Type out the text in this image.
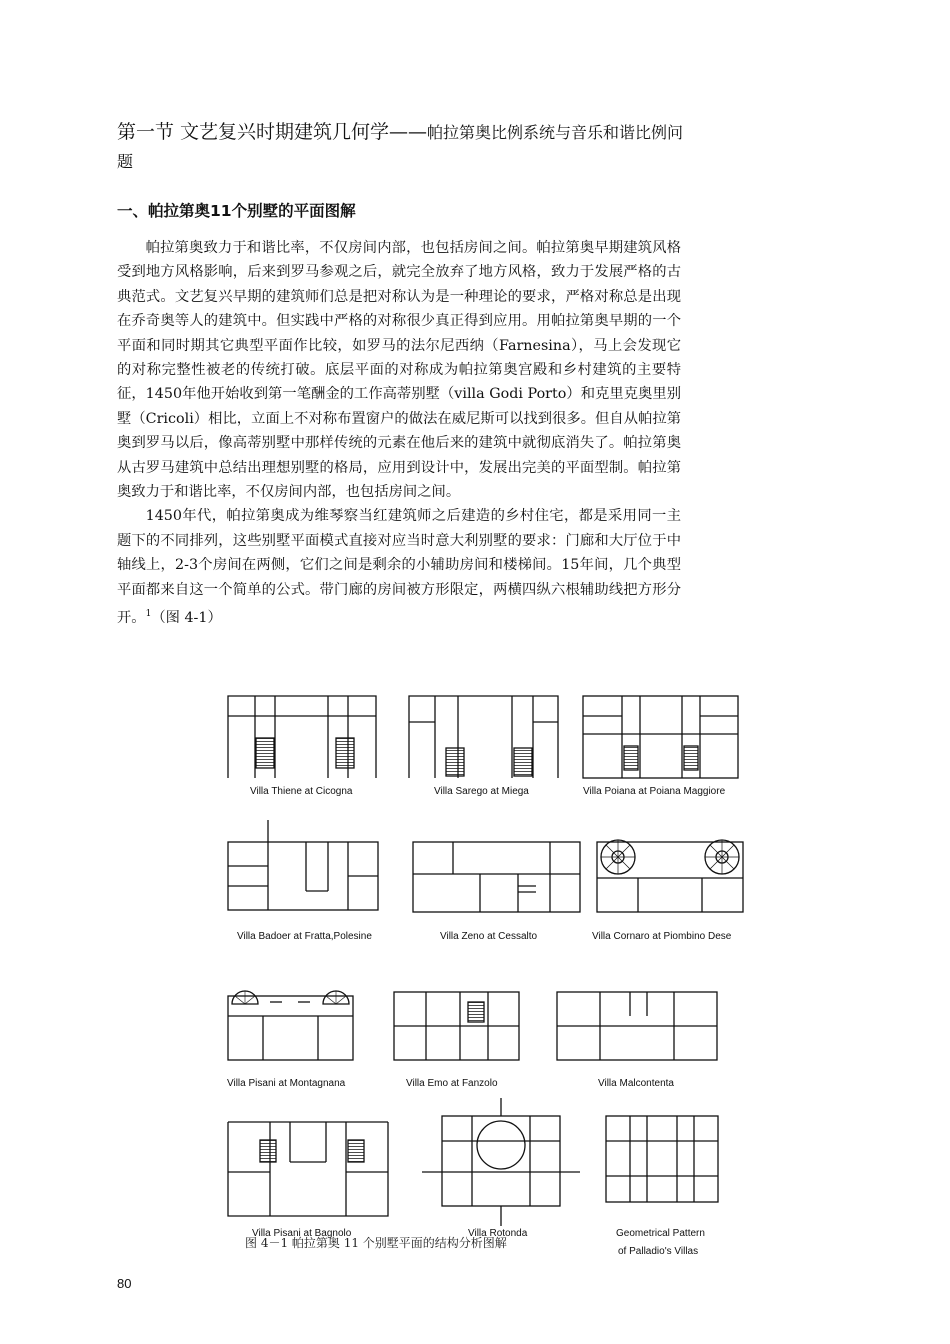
第一节 文艺复兴时期建筑几何学——帕拉第奥比例系统与音乐和谐比例问题
一、帕拉第奥11个别墅的平面图解

帕拉第奥致力于和谐比率，不仅房间内部，也包括房间之间。帕拉第奥早期建筑风格受到地方风格影响，后来到罗马参观之后，就完全放弃了地方风格，致力于发展严格的古典范式。文艺复兴早期的建筑师们总是把对称认为是一种理论的要求，严格对称总是出现在乔奇奥等人的建筑中。但实践中严格的对称很少真正得到应用。用帕拉第奥早期的一个平面和同时期其它典型平面作比较，如罗马的法尔尼西纳（Farnesina），马上会发现它的对称完整性被老的传统打破。底层平面的对称成为帕拉第奥宫殿和乡村建筑的主要特征，1450年他开始收到第一笔酬金的工作高蒂别墅（villa Godi Porto）和克里克奥里别墅（Cricoli）相比，立面上不对称布置窗户的做法在威尼斯可以找到很多。但自从帕拉第奥到罗马以后，像高蒂别墅中那样传统的元素在他后来的建筑中就彻底消失了。帕拉第奥从古罗马建筑中总结出理想别墅的格局，应用到设计中，发展出完美的平面型制。帕拉第奥致力于和谐比率，不仅房间内部，也包括房间之间。

1450年代，帕拉第奥成为维琴察当红建筑师之后建造的乡村住宅，都是采用同一主题下的不同排列，这些别墅平面模式直接对应当时意大利别墅的要求：门廊和大厅位于中轴线上，2-3个房间在两侧，它们之间是剩余的小辅助房间和楼梯间。15年间，几个典型平面都来自这一个简单的公式。带门廊的房间被方形限定，两横四纵六根辅助线把方形分开。$^1$（图 4-1）

Villa Thiene at Cicogna	Villa Sarego at Miega	Villa Poiana at Poiana Maggiore
Villa Badoer at Fratta,Polesine	Villa Zeno at Cessalto	Villa Cornaro at Piombino Dese
Villa Pisani at Montagnana	Villa Emo at Fanzolo	Villa Malcontenta
Villa Pisani at Bagnolo	Villa Rotonda	Geometrical Pattern
of Palladio's Villas
图 4－1 帕拉第奥 11 个别墅平面的结构分析图解
80
